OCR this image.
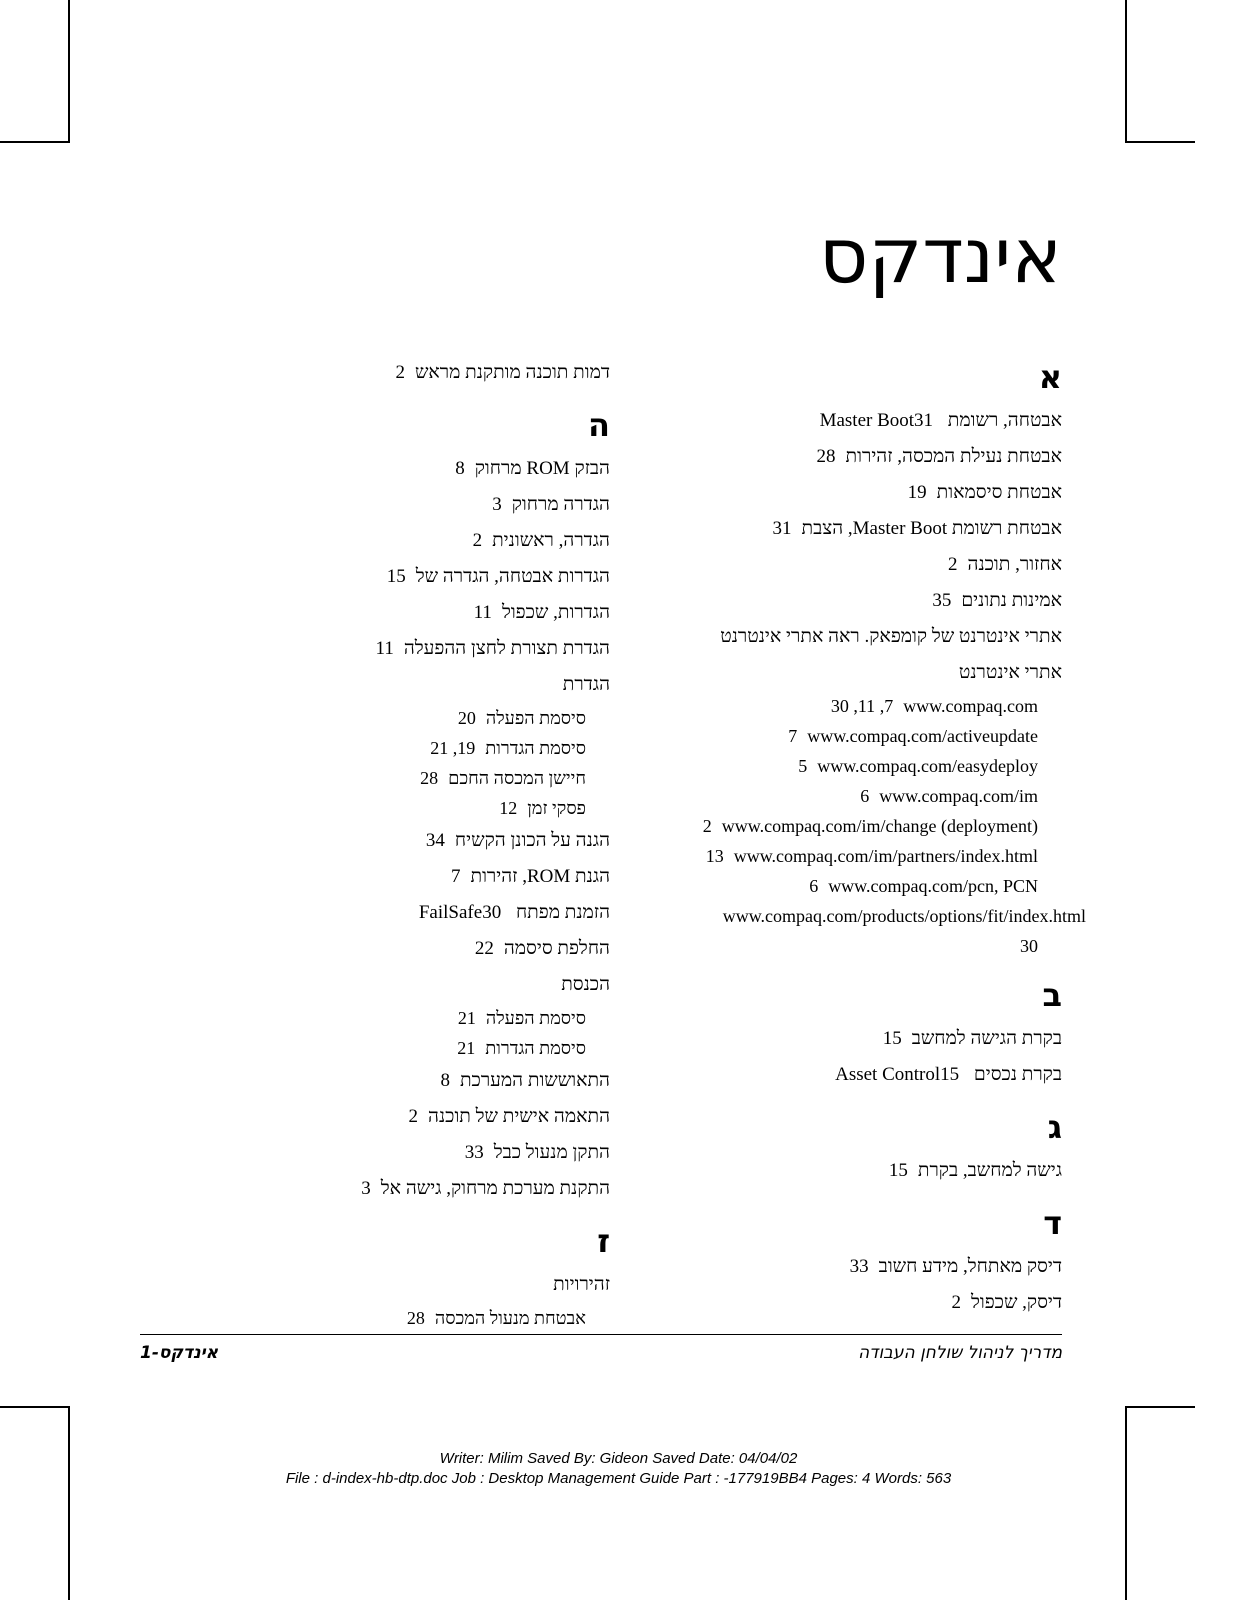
אינדקס
א
אבטחה, רשומת Master Boot31
אבטחת נעילת המכסה, זהירות28
אבטחת סיסמאות19
אבטחת רשומת Master Boot, הצבת31
אחזור, תוכנה2
אמינות נתונים35
אתרי אינטרנט של קומפאק. ראה אתרי אינטרנט
אתרי אינטרנט
www.compaq.com7, 11, 30
www.compaq.com/activeupdate7
www.compaq.com/easydeploy5
www.compaq.com/im6
www.compaq.com/im/change (deployment)2
www.compaq.com/im/partners/index.html13
www.compaq.com/pcn, PCN6
www.compaq.com/products/options/fit/index.html
30
ב
בקרת הגישה למחשב15
בקרת נכסים Asset Control15
ג
גישה למחשב, בקרת15
ד
דיסק מאתחל, מידע חשוב33
דיסק, שכפול2
דמות תוכנה מותקנת מראש2
ה
הבזק ROM מרחוק8
הגדרה מרחוק3
הגדרה, ראשונית2
הגדרות אבטחה, הגדרה של15
הגדרות, שכפול11
הגדרת תצורת לחצן ההפעלה11
הגדרת
סיסמת הפעלה20
סיסמת הגדרות19, 21
חיישן המכסה החכם28
פסקי זמן12
הגנה על הכונן הקשיח34
הגנת ROM, זהירות7
הזמנת מפתח FailSafe30
החלפת סיסמה22
הכנסת
סיסמת הפעלה21
סיסמת הגדרות21
התאוששות המערכת8
התאמה אישית של תוכנה2
התקן מנעול כבל33
התקנת מערכת מרחוק, גישה אל3
ז
זהירויות
אבטחת מנעול המכסה28
אינדקס-1	מדריך לניהול שולחן העבודה
Writer: Milim Saved By: Gideon Saved Date: 04/04/02
File : d-index-hb-dtp.doc Job : Desktop Management Guide Part : -177919BB4 Pages: 4 Words: 563
